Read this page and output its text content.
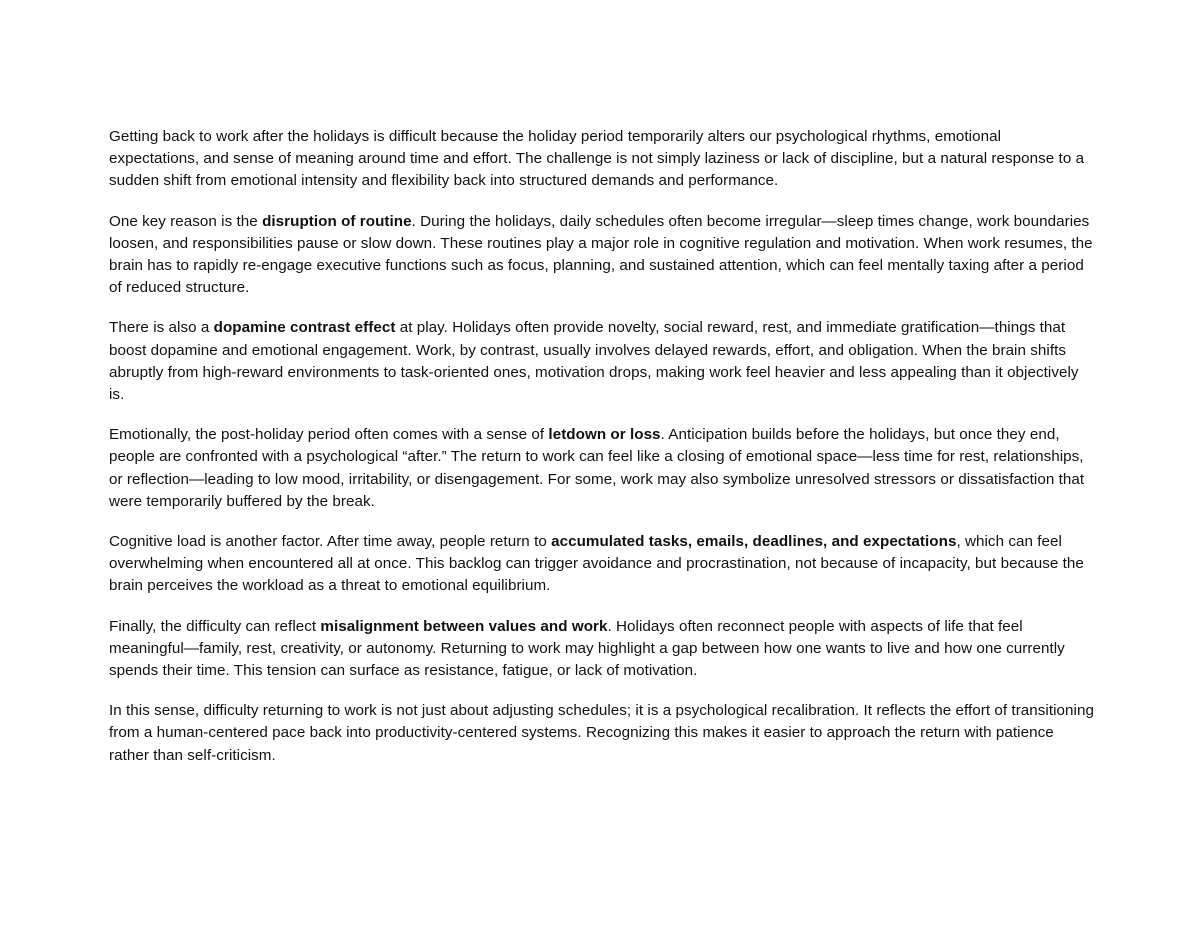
Getting back to work after the holidays is difficult because the holiday period temporarily alters our psychological rhythms, emotional expectations, and sense of meaning around time and effort. The challenge is not simply laziness or lack of discipline, but a natural response to a sudden shift from emotional intensity and flexibility back into structured demands and performance.

One key reason is the disruption of routine. During the holidays, daily schedules often become irregular—sleep times change, work boundaries loosen, and responsibilities pause or slow down. These routines play a major role in cognitive regulation and motivation. When work resumes, the brain has to rapidly re-engage executive functions such as focus, planning, and sustained attention, which can feel mentally taxing after a period of reduced structure.

There is also a dopamine contrast effect at play. Holidays often provide novelty, social reward, rest, and immediate gratification—things that boost dopamine and emotional engagement. Work, by contrast, usually involves delayed rewards, effort, and obligation. When the brain shifts abruptly from high-reward environments to task-oriented ones, motivation drops, making work feel heavier and less appealing than it objectively is.

Emotionally, the post-holiday period often comes with a sense of letdown or loss. Anticipation builds before the holidays, but once they end, people are confronted with a psychological “after.” The return to work can feel like a closing of emotional space—less time for rest, relationships, or reflection—leading to low mood, irritability, or disengagement. For some, work may also symbolize unresolved stressors or dissatisfaction that were temporarily buffered by the break.

Cognitive load is another factor. After time away, people return to accumulated tasks, emails, deadlines, and expectations, which can feel overwhelming when encountered all at once. This backlog can trigger avoidance and procrastination, not because of incapacity, but because the brain perceives the workload as a threat to emotional equilibrium.

Finally, the difficulty can reflect misalignment between values and work. Holidays often reconnect people with aspects of life that feel meaningful—family, rest, creativity, or autonomy. Returning to work may highlight a gap between how one wants to live and how one currently spends their time. This tension can surface as resistance, fatigue, or lack of motivation.

In this sense, difficulty returning to work is not just about adjusting schedules; it is a psychological recalibration. It reflects the effort of transitioning from a human-centered pace back into productivity-centered systems. Recognizing this makes it easier to approach the return with patience rather than self-criticism.
